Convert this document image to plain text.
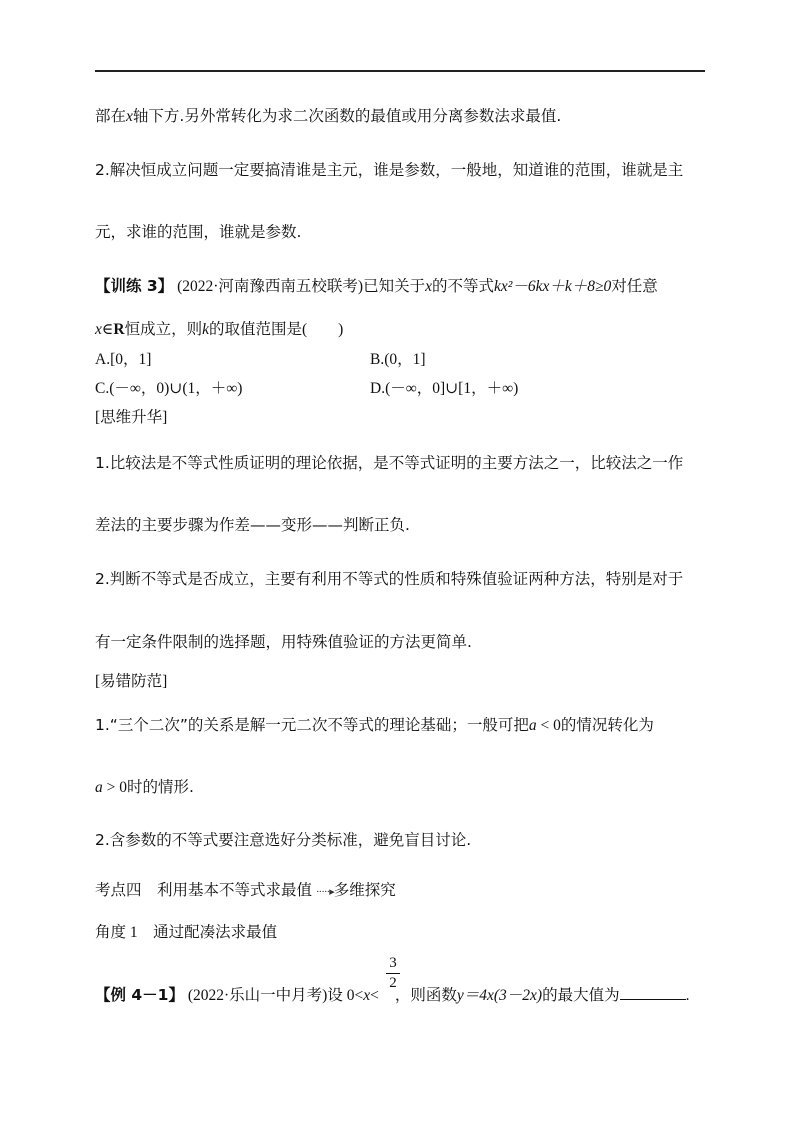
部在x轴下方.另外常转化为求二次函数的最值或用分离参数法求最值.
2.解决恒成立问题一定要搞清谁是主元，谁是参数，一般地，知道谁的范围，谁就是主
元，求谁的范围，谁就是参数.
【训练 3】 (2022·河南豫西南五校联考)已知关于x的不等式kx²－6kx＋k＋8≥0对任意
x∈R恒成立，则k的取值范围是(　　)
A.[0，1]	B.(0，1]
C.(－∞，0)∪(1，＋∞)	D.(－∞，0]∪[1，＋∞)
[思维升华]
1.比较法是不等式性质证明的理论依据，是不等式证明的主要方法之一，比较法之一作
差法的主要步骤为作差——变形——判断正负.
2.判断不等式是否成立，主要有利用不等式的性质和特殊值验证两种方法，特别是对于
有一定条件限制的选择题，用特殊值验证的方法更简单.
[易错防范]
1.“三个二次”的关系是解一元二次不等式的理论基础；一般可把a < 0的情况转化为
a > 0时的情形.
2.含参数的不等式要注意选好分类标准，避免盲目讨论.
考点四　利用基本不等式求最值 ·····▸多维探究
角度 1　通过配凑法求最值
3
2
【例 4－1】 (2022·乐山一中月考)设 0<x< ，则函数y＝4x(3－2x)的最大值为	.
